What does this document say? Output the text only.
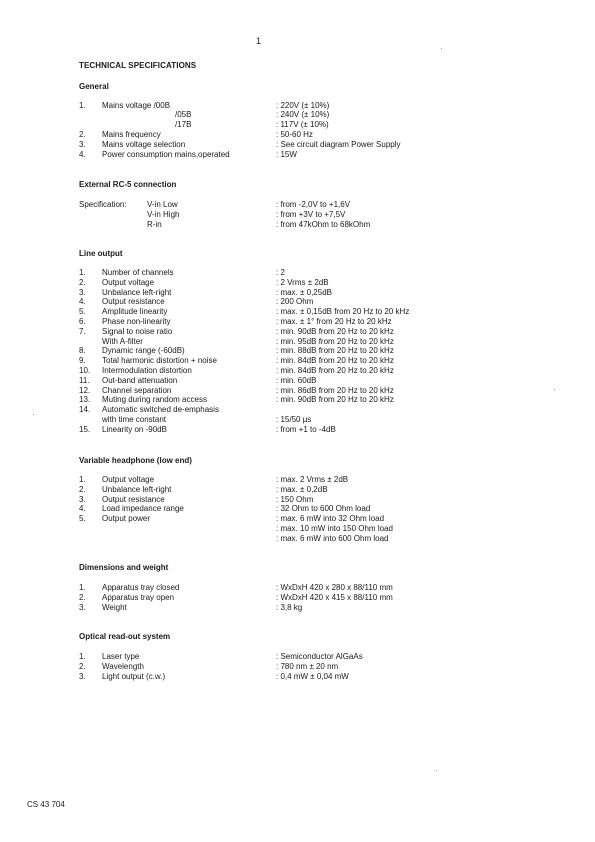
1
TECHNICAL SPECIFICATIONS
General
1. Mains voltage /00B	: 220V (± 10%)
/05B	: 240V (± 10%)
/17B	: 117V (± 10%)
2. Mains frequency	: 50-60 Hz
3. Mains voltage selection	: See circuit diagram Power Supply
4. Power consumption mains,operated	: 15W
External RC-5 connection
Specification:	V-in Low	: from -2,0V to +1,6V
V-in High	: from +3V to +7,5V
R-in	: from 47kOhm to 68kOhm
Line output
1. Number of channels	: 2
2. Output voltage	: 2 Vrms ± 2dB
3. Unbalance left-right	: max. ± 0,25dB
4. Output resistance	: 200 Ohm
5. Amplitude linearity	: max. ± 0,15dB from 20 Hz to 20 kHz
6. Phase non-linearity	: max. ± 1° from 20 Hz to 20 kHz
7. Signal to noise ratio	: min. 90dB from 20 Hz to 20 kHz
With A-filter	: min. 95dB from 20 Hz to 20 kHz
8. Dynamic range (-60dB)	: min. 88dB from 20 Hz to 20 kHz
9. Total harmonic distortion + noise	: min. 84dB from 20 Hz to 20 kHz
10. Intermodulation distortion	: min. 84dB from 20 Hz to 20 kHz
11. Out-band attenuation	: min. 60dB
12. Channel separation	: min. 86dB from 20 Hz to 20 kHz
13. Muting during random access	: min. 90dB from 20 Hz to 20 kHz
14. Automatic switched de-emphasis
with time constant	: 15/50 µs
15. Linearity on -90dB	: from +1 to -4dB
Variable headphone (low end)
1. Output voltage	: max. 2 Vrms ± 2dB
2. Unbalance left-right	: max. ± 0,2dB
3. Output resistance	: 150 Ohm
4. Load impedance range	: 32 Ohm to 600 Ohm load
5. Output power	: max. 6 mW into 32 Ohm load
: max. 10 mW into 150 Ohm load
: max. 6 mW into 600 Ohm load
Dimensions and weight
1. Apparatus tray closed	: WxDxH 420 x 280 x 88/110 mm
2. Apparatus tray open	: WxDxH 420 x 415 x 88/110 mm
3. Weight	: 3,8 kg
Optical read-out system
1. Laser type	: Semiconductor AlGaAs
2. Wavelength	: 780 nm ± 20 nm
3. Light output (c.w.)	: 0,4 mW ± 0,04 mW
CS 43 704
